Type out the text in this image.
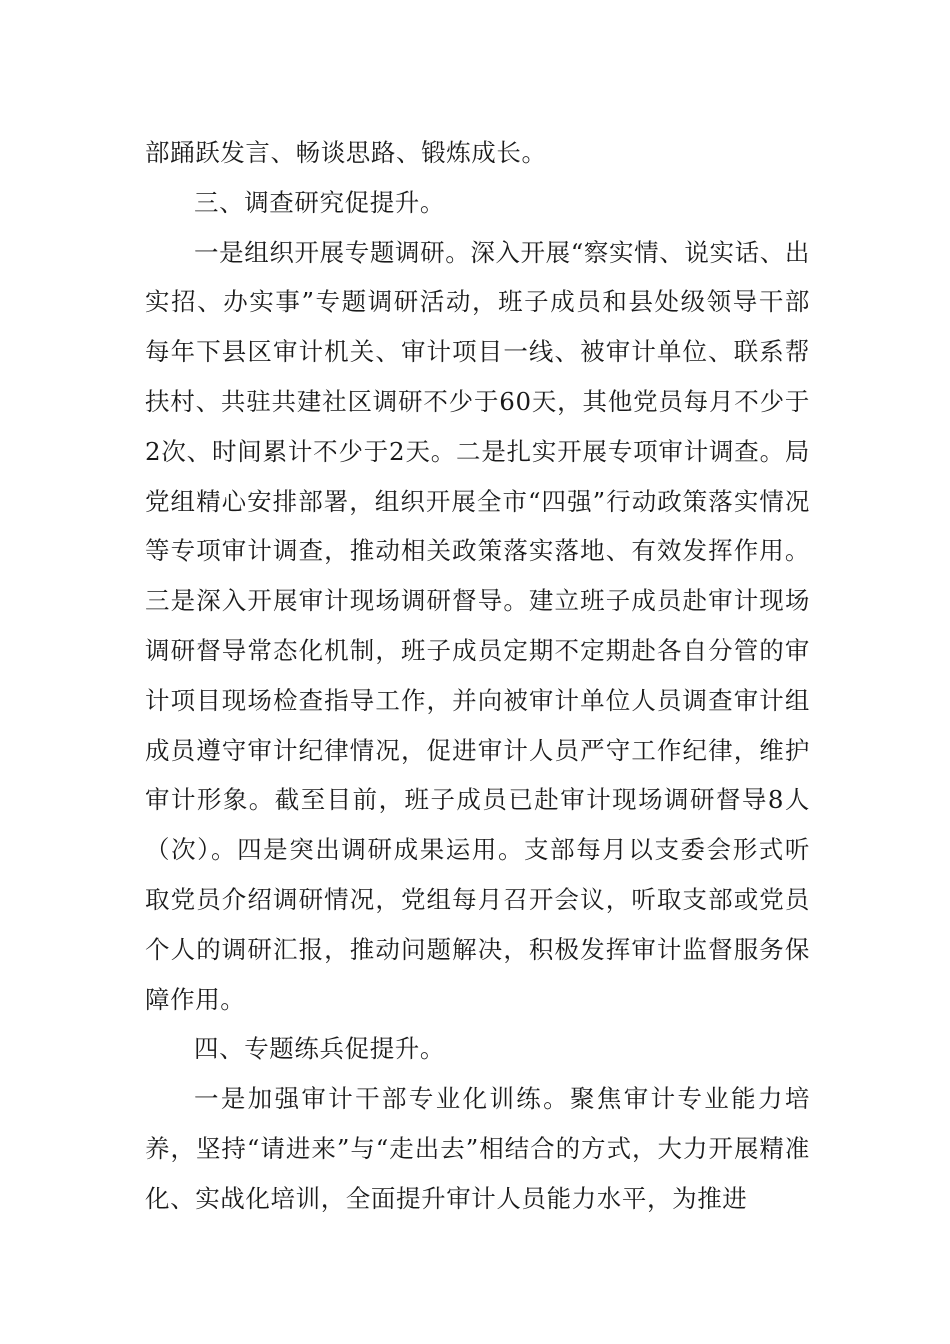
部踊跃发言、畅谈思路、锻炼成长。

三、调查研究促提升。

一是组织开展专题调研。深入开展“察实情、说实话、出实招、办实事”专题调研活动，班子成员和县处级领导干部每年下县区审计机关、审计项目一线、被审计单位、联系帮扶村、共驻共建社区调研不少于60天，其他党员每月不少于2次、时间累计不少于2天。二是扎实开展专项审计调查。局党组精心安排部署，组织开展全市“四强”行动政策落实情况等专项审计调查，推动相关政策落实落地、有效发挥作用。三是深入开展审计现场调研督导。建立班子成员赴审计现场调研督导常态化机制，班子成员定期不定期赴各自分管的审计项目现场检查指导工作，并向被审计单位人员调查审计组成员遵守审计纪律情况，促进审计人员严守工作纪律，维护审计形象。截至目前，班子成员已赴审计现场调研督导8人（次）。四是突出调研成果运用。支部每月以支委会形式听取党员介绍调研情况，党组每月召开会议，听取支部或党员个人的调研汇报，推动问题解决，积极发挥审计监督服务保障作用。

四、专题练兵促提升。

一是加强审计干部专业化训练。聚焦审计专业能力培养，坚持“请进来”与“走出去”相结合的方式，大力开展精准化、实战化培训，全面提升审计人员能力水平，为推进
